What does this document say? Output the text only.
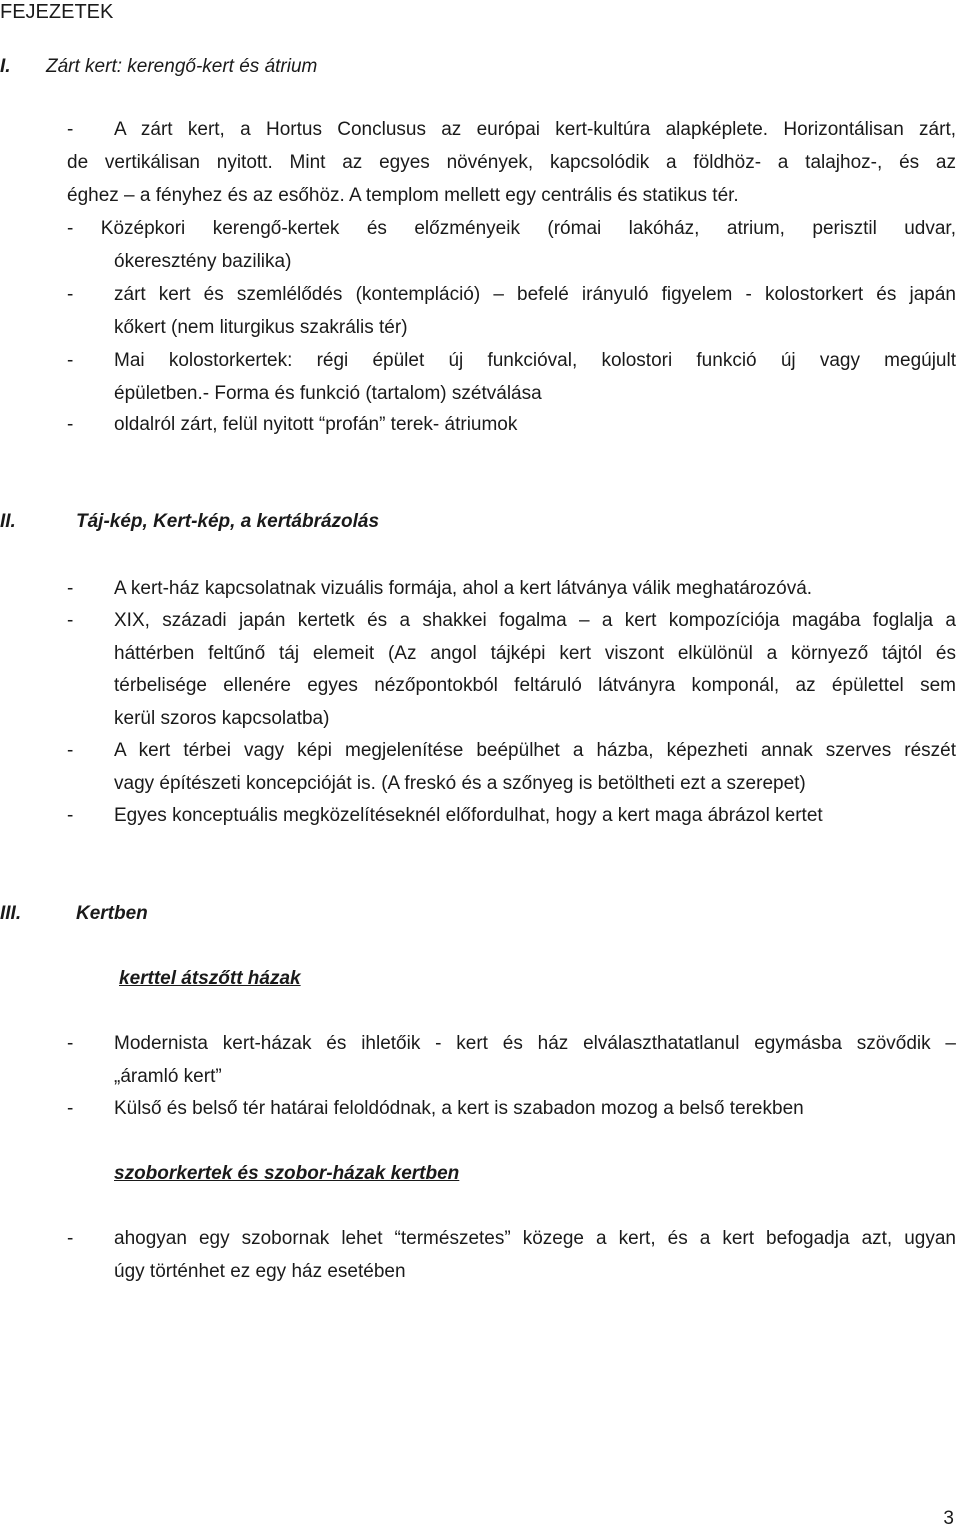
FEJEZETEK
I. Zárt kert: kerengő-kert és átrium
- A zárt kert, a Hortus Conclusus az európai kert-kultúra alapképlete. Horizontálisan zárt,
de vertikálisan nyitott. Mint az egyes növények, kapcsolódik a földhöz- a talajhoz-, és az
éghez – a fényhez és az esőhöz. A templom mellett egy centrális és statikus tér.
- Középkori kerengő-kertek és előzményeik (római lakóház, atrium, perisztil udvar,
ókeresztény bazilika)
- zárt kert és szemlélődés (kontempláció) – befelé irányuló figyelem - kolostorkert és japán
kőkert (nem liturgikus szakrális tér)
- Mai kolostorkertek: régi épület új funkcióval, kolostori funkció új vagy megújult
épületben.- Forma és funkció (tartalom) szétválása
- oldalról zárt, felül nyitott “profán” terek- átriumok
II.	Táj-kép, Kert-kép, a kertábrázolás
- A kert-ház kapcsolatnak vizuális formája, ahol a kert látványa válik meghatározóvá.
- XIX, századi japán kertetk és a shakkei fogalma – a kert kompozíciója magába foglalja a
háttérben feltűnő táj elemeit (Az angol tájképi kert viszont elkülönül a környező tájtól és
térbelisége ellenére egyes nézőpontokból feltáruló látványra komponál, az épülettel sem
kerül szoros kapcsolatba)
- A kert térbei vagy képi megjelenítése beépülhet a házba, képezheti annak szerves részét
vagy építészeti koncepcióját is. (A freskó és a szőnyeg is betöltheti ezt a szerepet)
- Egyes konceptuális megközelítéseknél előfordulhat, hogy a kert maga ábrázol kertet
III.	Kertben
kerttel átszőtt házak
- Modernista kert-házak és ihletőik - kert és ház elválaszthatatlanul egymásba szövődik –
„áramló kert”
- Külső és belső tér határai feloldódnak, a kert is szabadon mozog a belső terekben
szoborkertek és szobor-házak kertben
- ahogyan egy szobornak lehet “természetes” közege a kert, és a kert befogadja azt, ugyan
úgy történhet ez egy ház esetében
3
